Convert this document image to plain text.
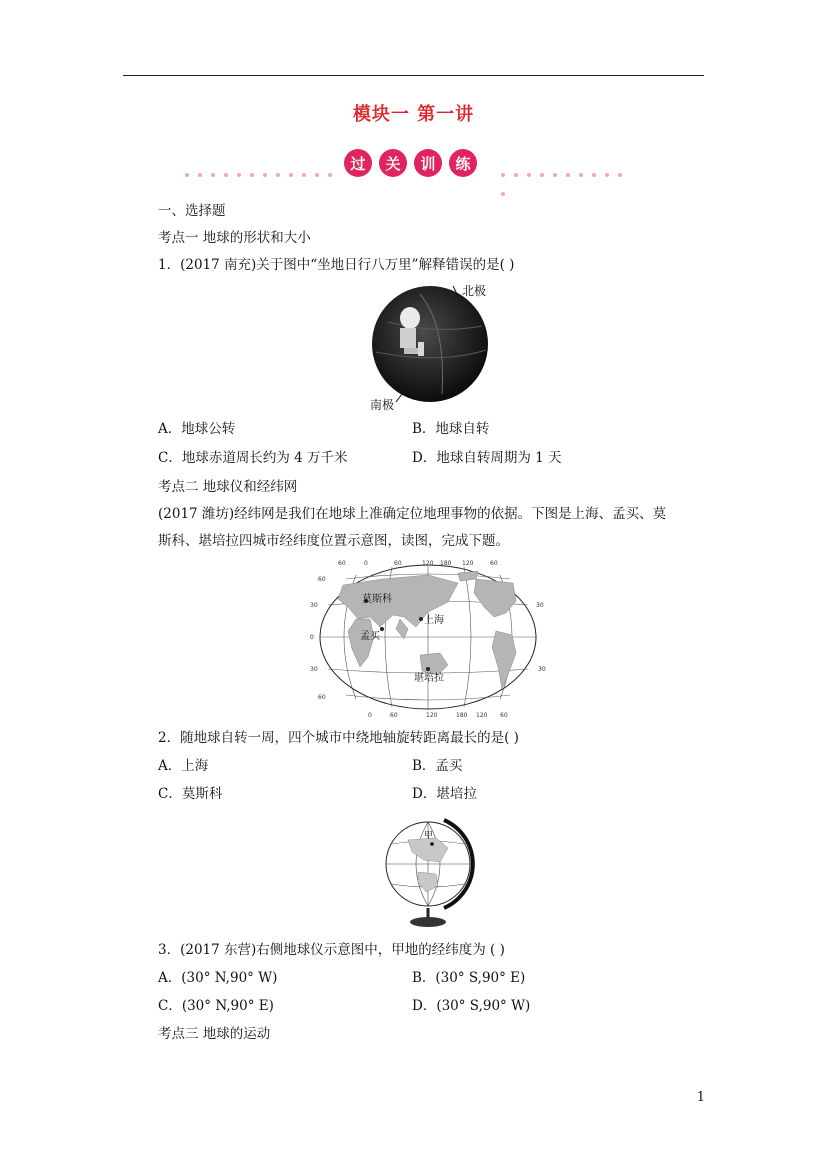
模块一 第一讲
过	关	训	练
一、选择题
考点一 地球的形状和大小
1．(2017 南充)关于图中“坐地日行八万里”解释错误的是( )
北极
南极
A．地球公转	B．地球自转
C．地球赤道周长约为 4 万千米	D．地球自转周期为 1 天
考点二 地球仪和经纬网
(2017 潍坊)经纬网是我们在地球上准确定位地理事物的依据。下图是上海、孟买、莫
斯科、堪培拉四城市经纬度位置示意图，读图，完成下题。
莫斯科
上海
孟买
堪培拉
60	0	60	120 180 120	60
0	60	120	180 120 60
60
30
0
30
60
30
30
2．随地球自转一周，四个城市中绕地轴旋转距离最长的是( )
A．上海	B．孟买
C．莫斯科	D．堪培拉
甲
3．(2017 东营)右侧地球仪示意图中，甲地的经纬度为 ( )
A．(30° N,90° W)	B．(30° S,90° E)
C．(30° N,90° E)	D．(30° S,90° W)
考点三 地球的运动
1
